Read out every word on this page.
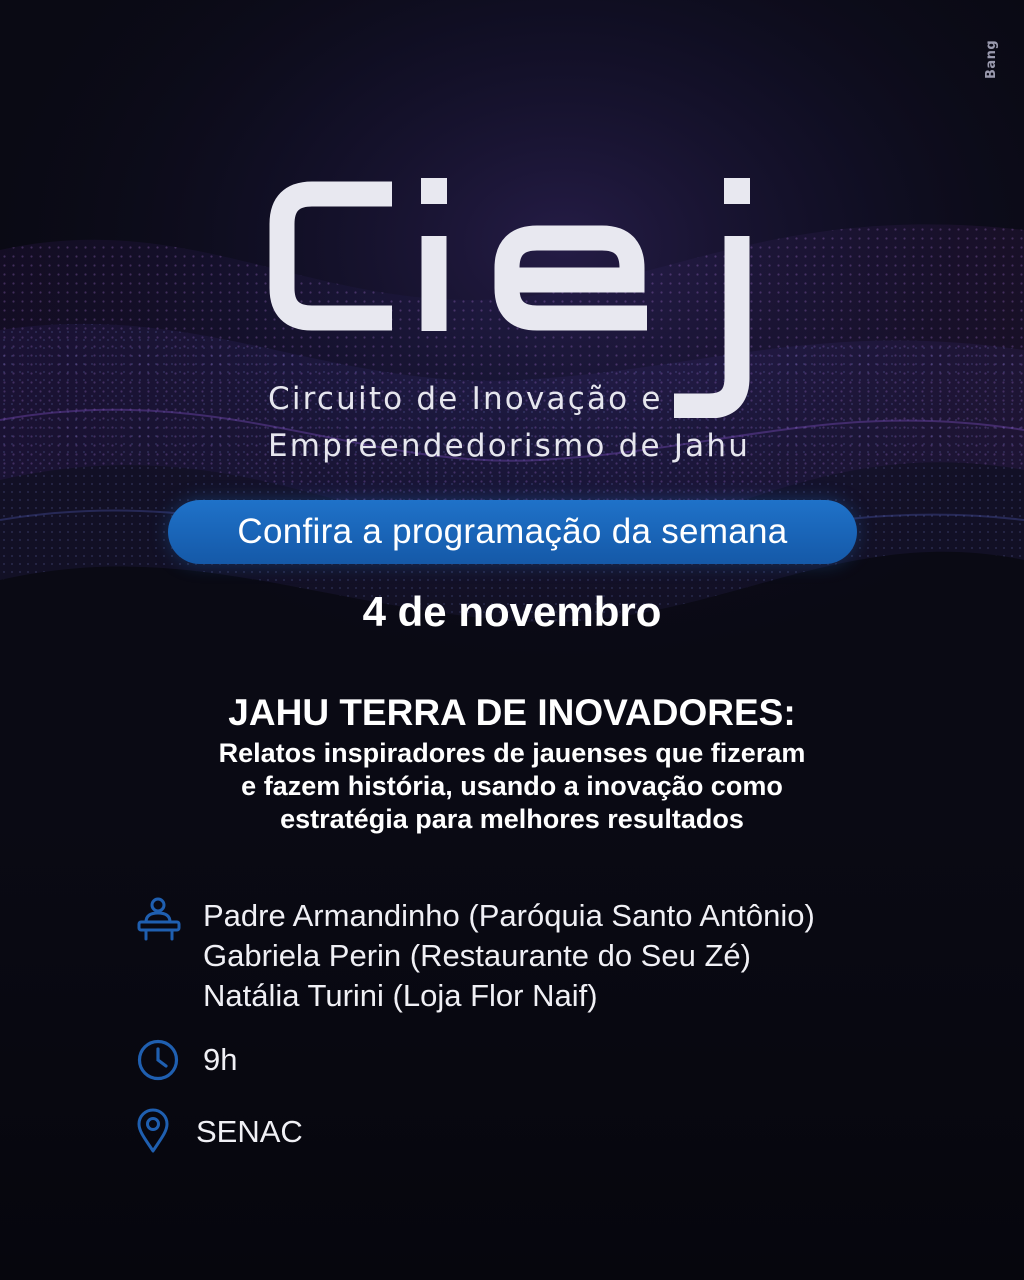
Bang
Circuito de Inovação e
Empreendedorismo de Jahu
Confira a programação da semana
4 de novembro
JAHU TERRA DE INOVADORES:
Relatos inspiradores de jauenses que fizeram
e fazem história, usando a inovação como
estratégia para melhores resultados
Padre Armandinho (Paróquia Santo Antônio)
Gabriela Perin (Restaurante do Seu Zé)
Natália Turini (Loja Flor Naif)
9h
SENAC
